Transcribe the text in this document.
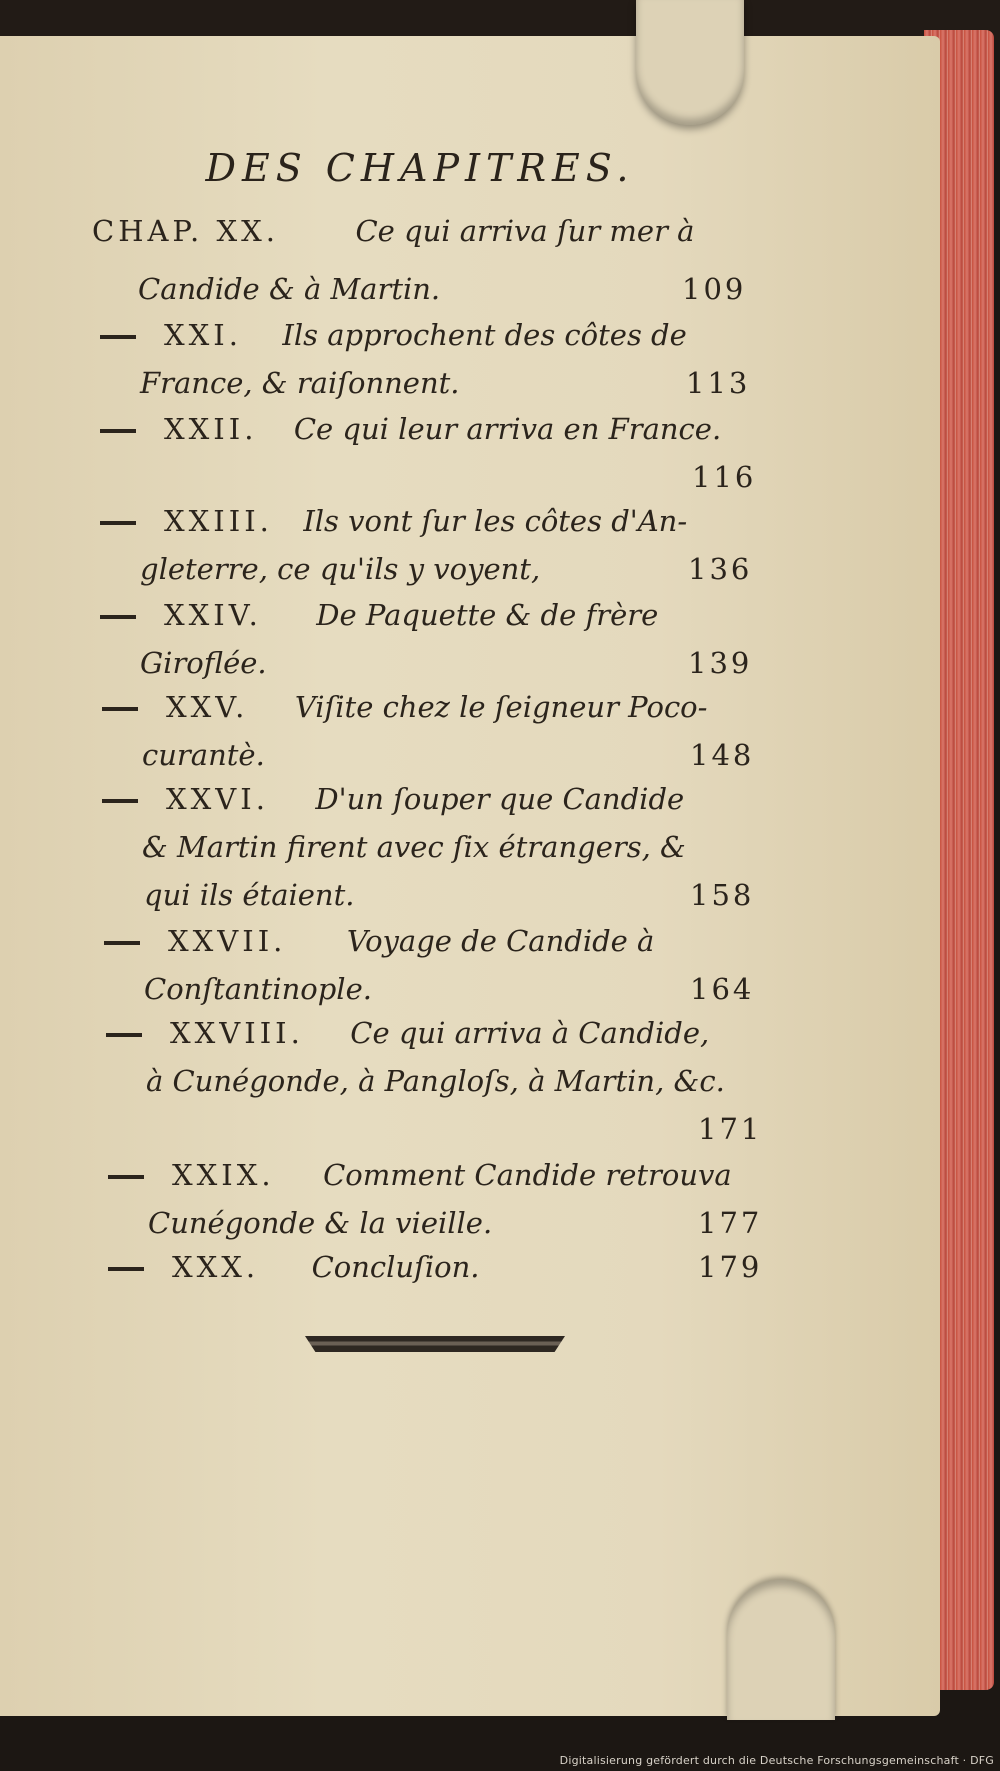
DES CHAPITRES.
CHAP. XX.	Ce qui arriva ſur mer à
Candide & à Martin.	109
XXI. Ils approchent des côtes de
France, & raiſonnent.	113
XXII. Ce qui leur arriva en France.
116
XXIII. Ils vont ſur les côtes d'An-
gleterre, ce qu'ils y voyent,	136
XXIV. De Paquette & de frère
Giroflée.	139
XXV. Viſite chez le ſeigneur Poco-
curantè.	148
XXVI. D'un ſouper que Candide
& Martin firent avec ſix étrangers, &
qui ils étaient.	158
XXVII. Voyage de Candide à
Conſtantinople.	164
XXVIII. Ce qui arriva à Candide,
à Cunégonde, à Pangloſs, à Martin, &c.
171
XXIX. Comment Candide retrouva
Cunégonde & la vieille.	177
XXX. Concluſion.	179
Digitalisierung gefördert durch die Deutsche Forschungsgemeinschaft · DFG
